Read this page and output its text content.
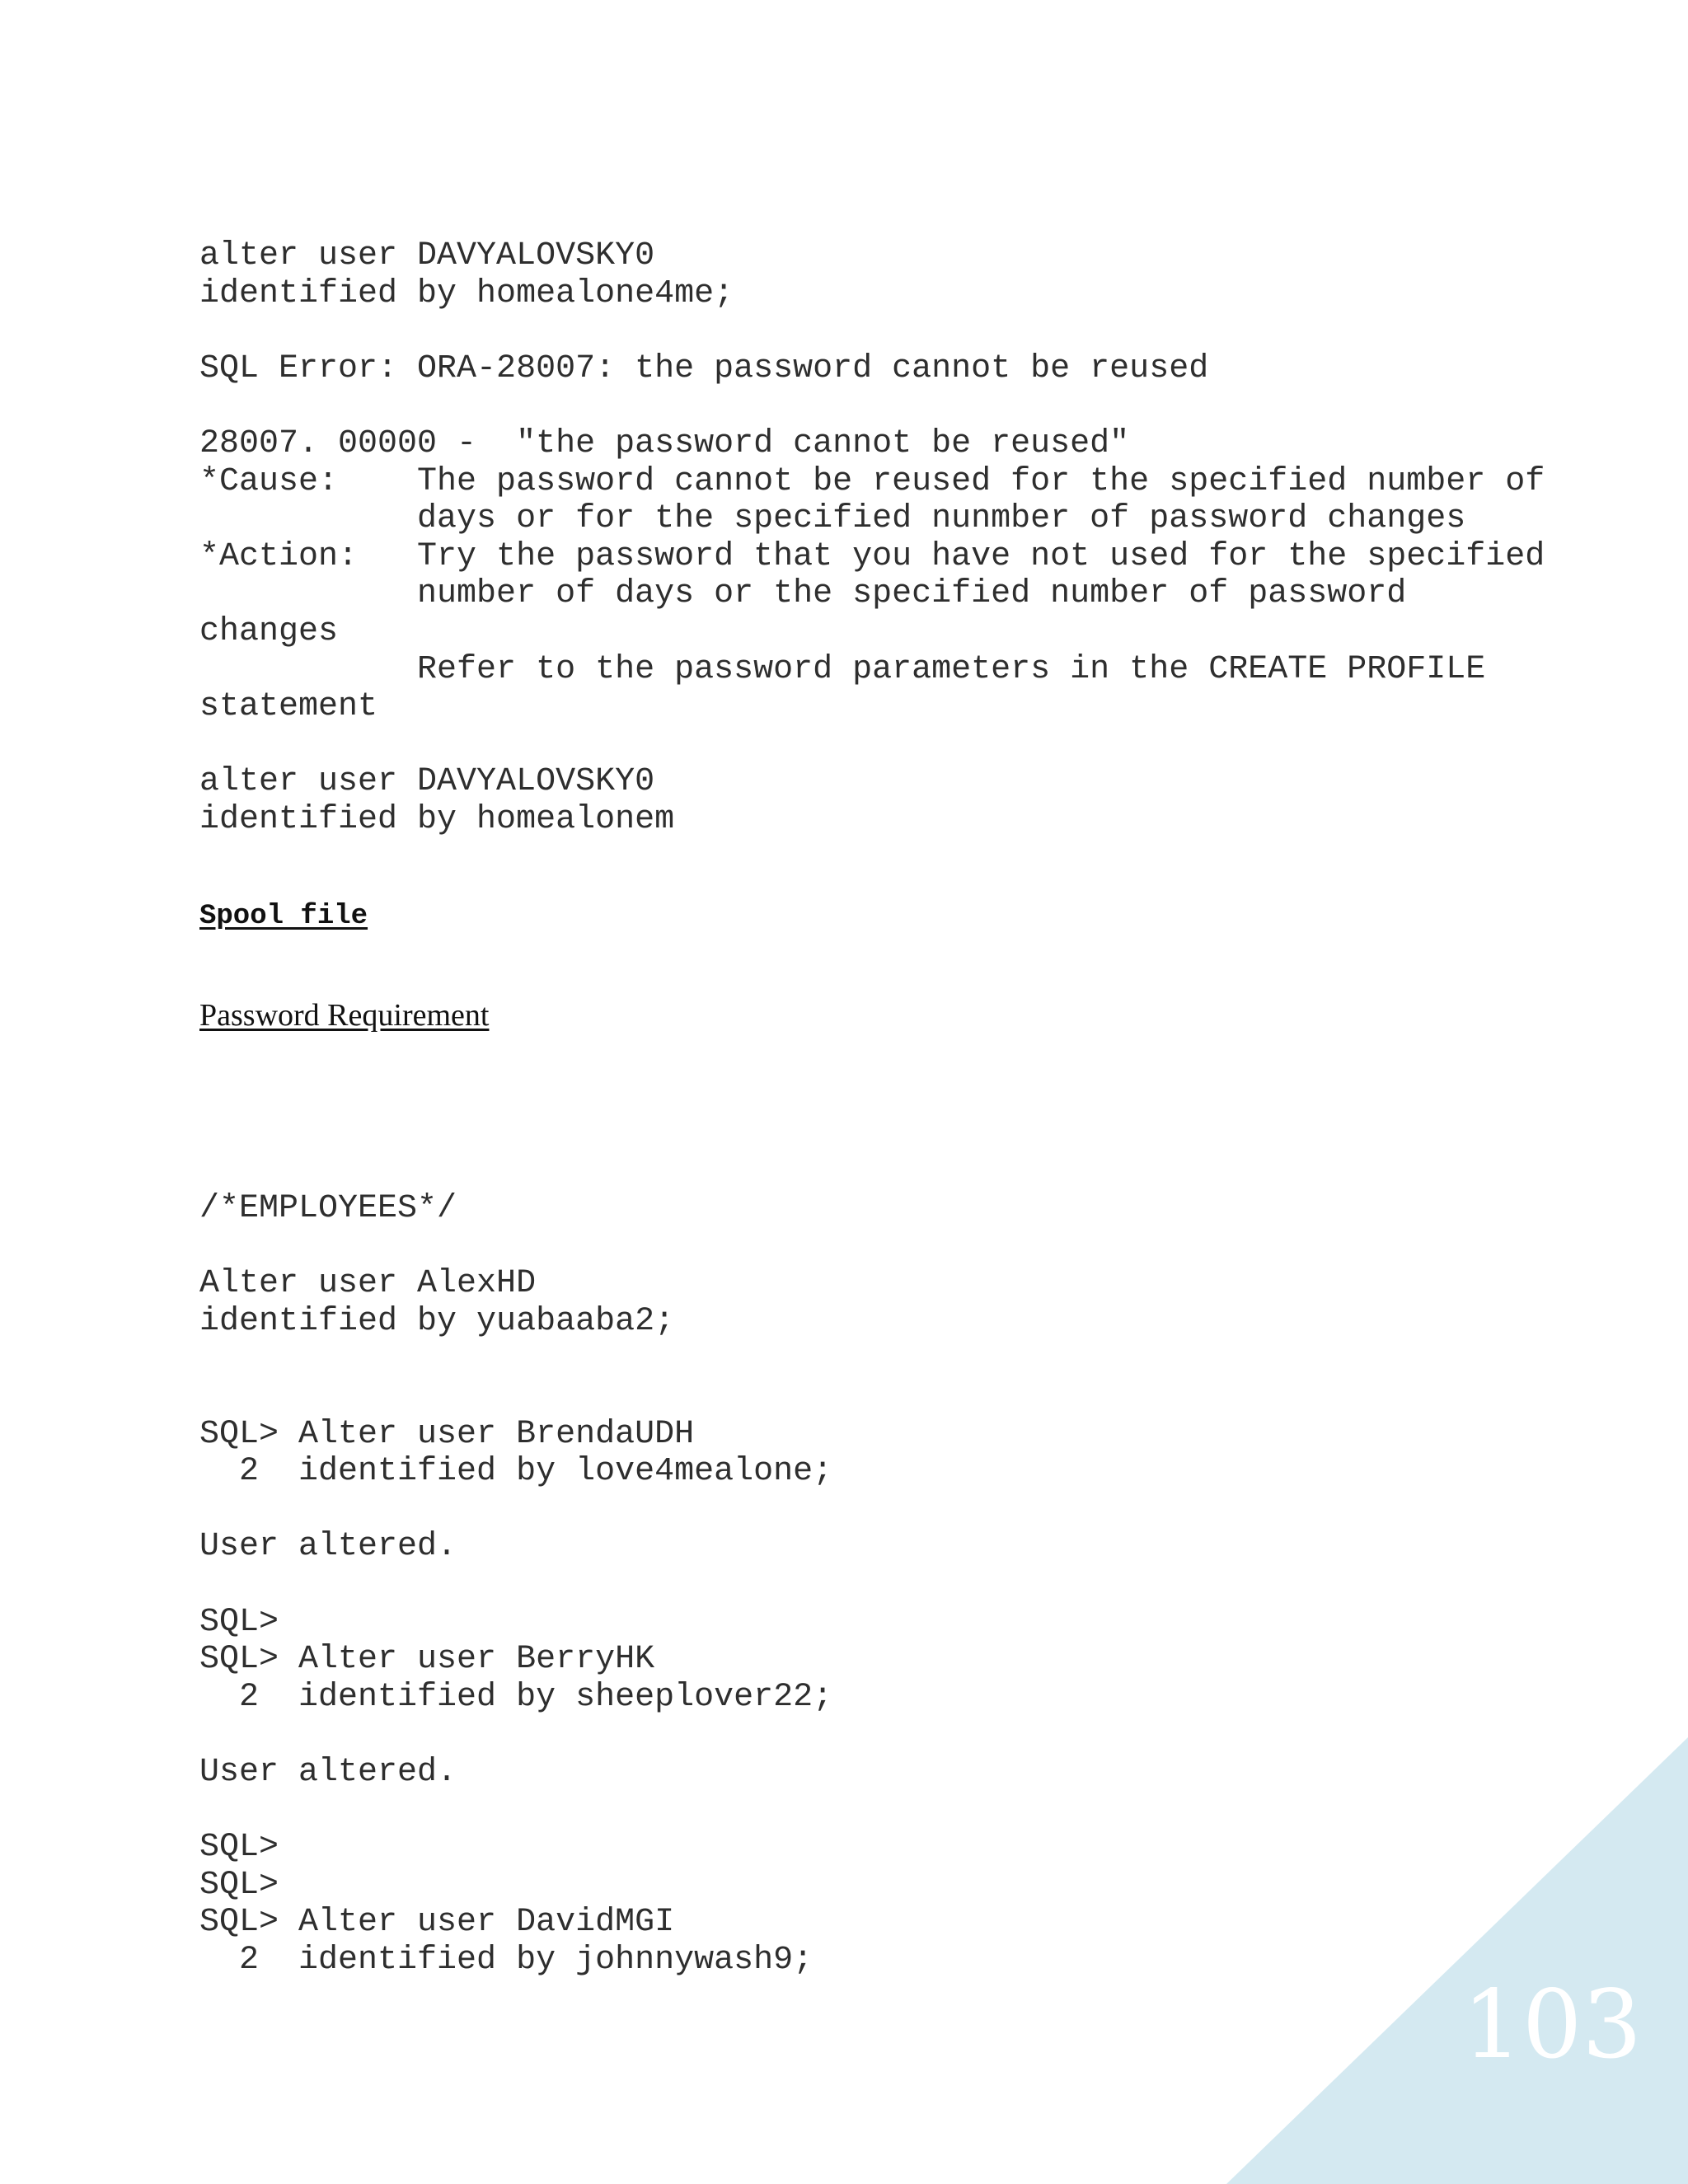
alter user DAVYALOVSKY0
identified by homealone4me;

SQL Error: ORA-28007: the password cannot be reused

28007. 00000 -  "the password cannot be reused"
*Cause:    The password cannot be reused for the specified number of
days or for the specified nunmber of password changes
*Action:   Try the password that you have not used for the specified
number of days or the specified number of password
changes
Refer to the password parameters in the CREATE PROFILE
statement

alter user DAVYALOVSKY0
identified by homealonem

Spool file

Password Requirement

/*EMPLOYEES*/

Alter user AlexHD
identified by yuabaaba2;

SQL> Alter user BrendaUDH
2  identified by love4mealone;

User altered.

SQL>
SQL> Alter user BerryHK
2  identified by sheeplover22;

User altered.

SQL>
SQL>
SQL> Alter user DavidMGI
2  identified by johnnywash9;

103
